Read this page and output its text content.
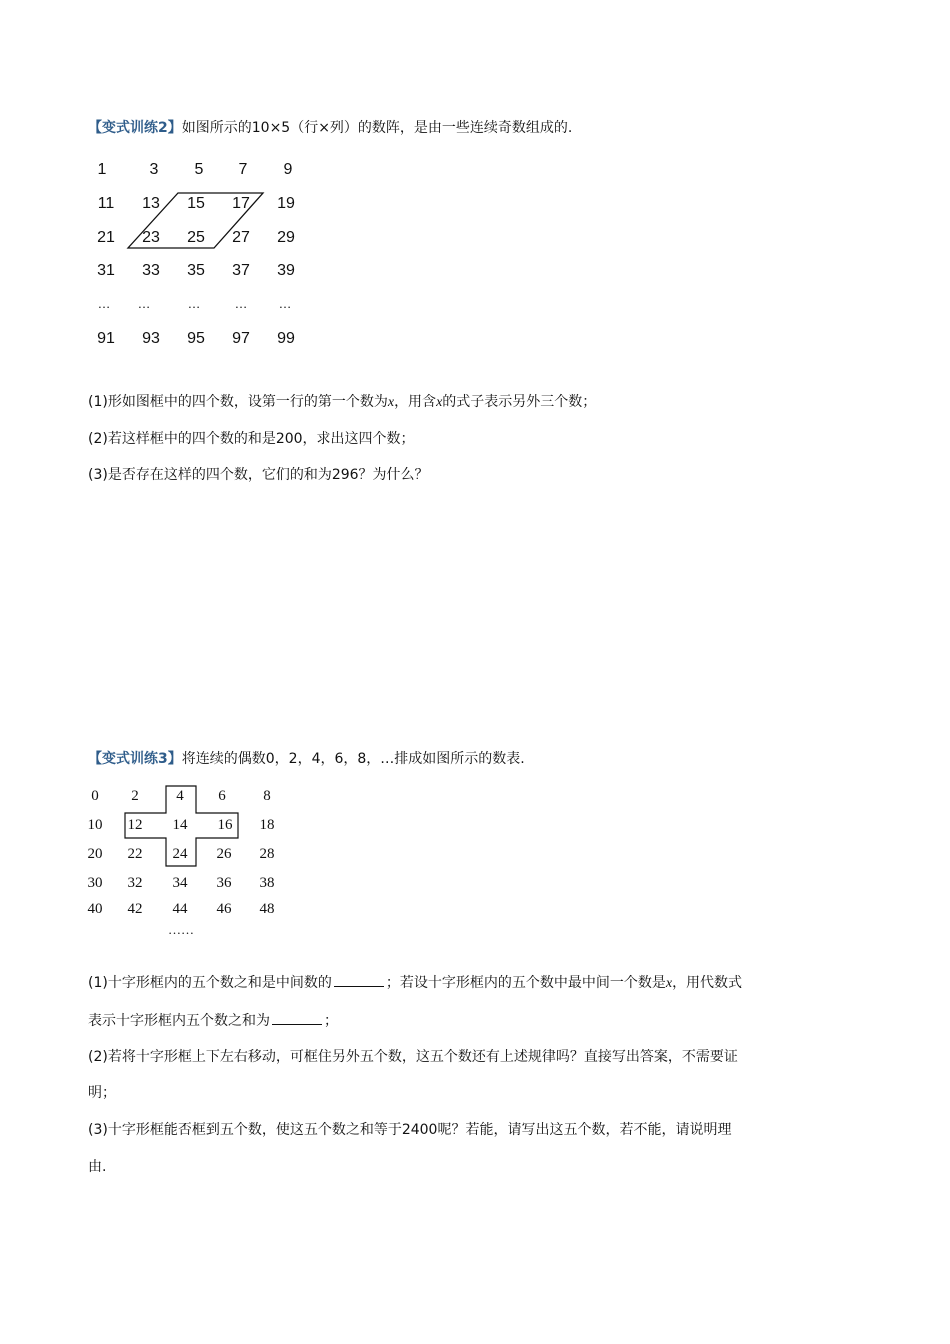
【变式训练2】如图所示的10×5（行×列）的数阵，是由一些连续奇数组成的.
1	3	5	7	9
11	13	15	17	19
21	23	25	27	29
31	33	35	37	39
…	…	…	…	…
91	93	95	97	99
(1)形如图框中的四个数，设第一行的第一个数为x，用含x的式子表示另外三个数；
(2)若这样框中的四个数的和是200，求出这四个数；
(3)是否存在这样的四个数，它们的和为296？为什么？
【变式训练3】将连续的偶数0，2，4，6，8，…排成如图所示的数表.
0	2	4	6	8
10	12	14	16	18
20	22	24	26	28
30	32	34	36	38
40	42	44	46	48
……
(1)十字形框内的五个数之和是中间数的	；若设十字形框内的五个数中最中间一个数是x，用代数式
表示十字形框内五个数之和为	；
(2)若将十字形框上下左右移动，可框住另外五个数，这五个数还有上述规律吗？直接写出答案，不需要证
明；
(3)十字形框能否框到五个数，使这五个数之和等于2400呢？若能，请写出这五个数，若不能，请说明理
由.
